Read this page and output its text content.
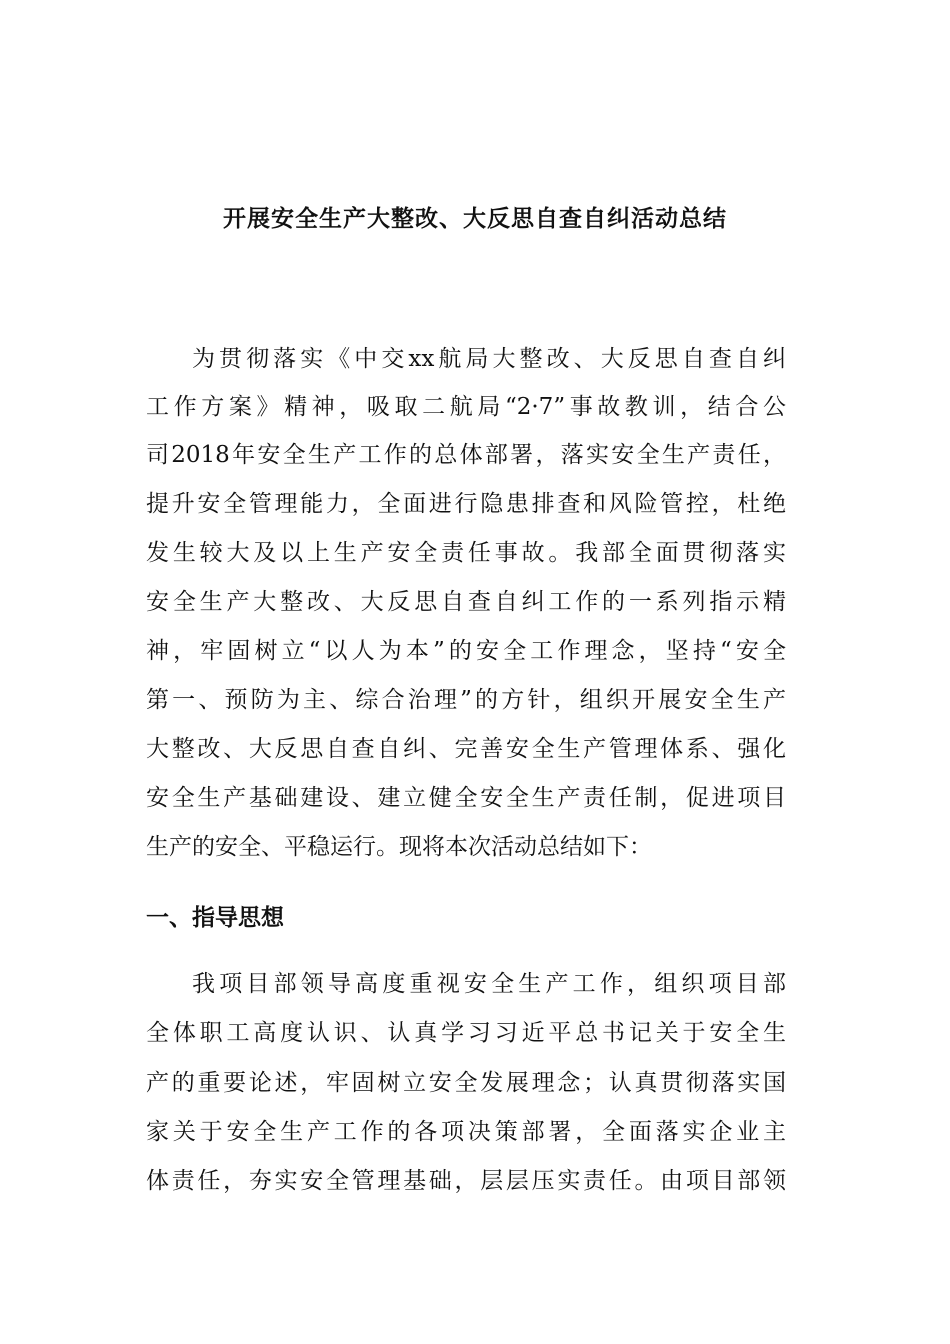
开展安全生产大整改、大反思自查自纠活动总结

为贯彻落实《中交xx航局大整改、大反思自查自纠

工作方案》精神，吸取二航局“2·7”事故教训，结合公

司2018年安全生产工作的总体部署，落实安全生产责任，

提升安全管理能力，全面进行隐患排查和风险管控，杜绝

发生较大及以上生产安全责任事故。我部全面贯彻落实

安全生产大整改、大反思自查自纠工作的一系列指示精

神，牢固树立“以人为本”的安全工作理念，坚持“安全

第一、预防为主、综合治理”的方针，组织开展安全生产

大整改、大反思自查自纠、完善安全生产管理体系、强化

安全生产基础建设、建立健全安全生产责任制，促进项目

生产的安全、平稳运行。现将本次活动总结如下：

一、指导思想

我项目部领导高度重视安全生产工作，组织项目部

全体职工高度认识、认真学习习近平总书记关于安全生

产的重要论述，牢固树立安全发展理念；认真贯彻落实国

家关于安全生产工作的各项决策部署，全面落实企业主

体责任，夯实安全管理基础，层层压实责任。由项目部领
